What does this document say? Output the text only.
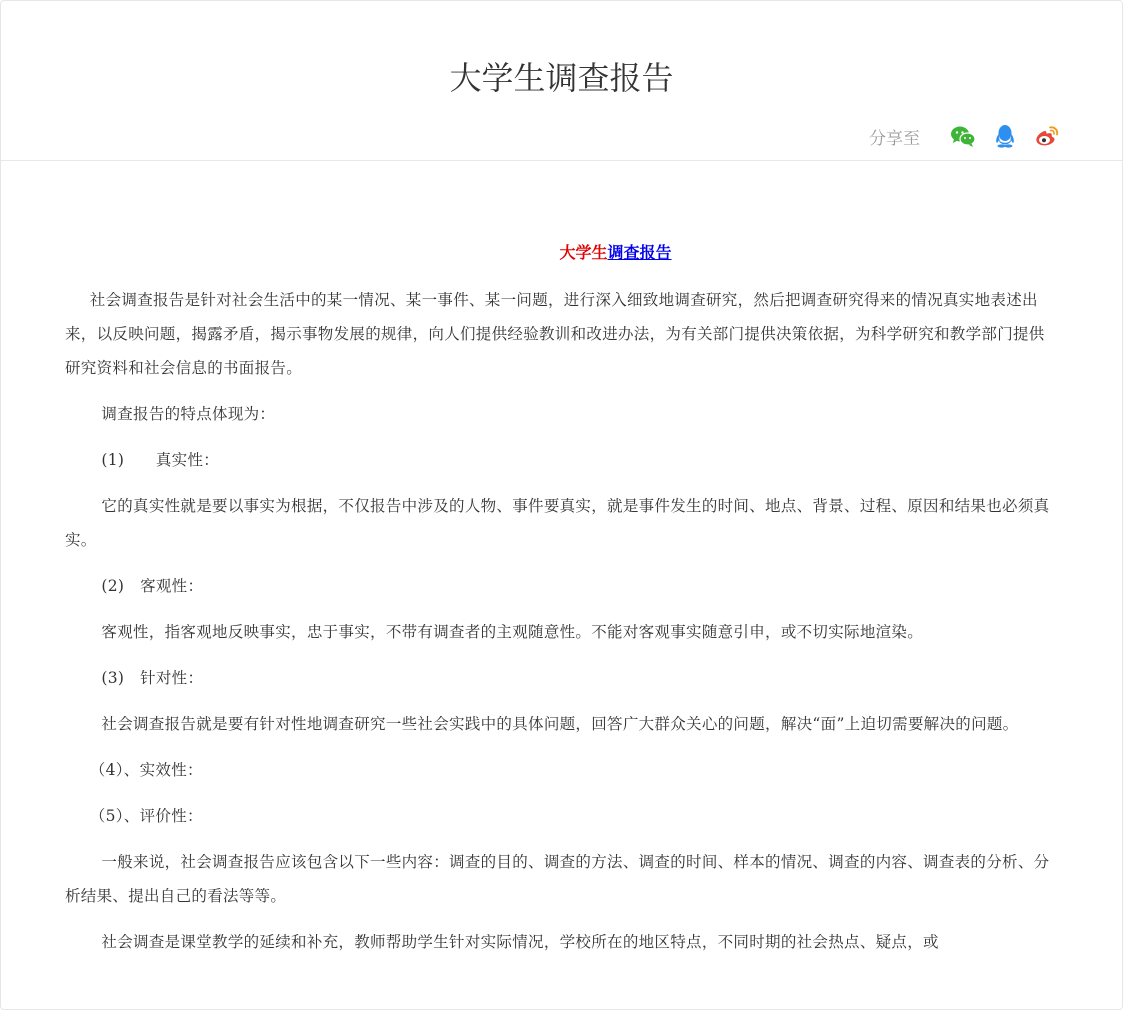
大学生调查报告
分享至
大学生调查报告

社会调查报告是针对社会生活中的某一情况、某一事件、某一问题，进行深入细致地调查研究，然后把调查研究得来的情况真实地表述出来，以反映问题，揭露矛盾，揭示事物发展的规律，向人们提供经验教训和改进办法，为有关部门提供决策依据，为科学研究和教学部门提供研究资料和社会信息的书面报告。

调查报告的特点体现为：

(1)　　真实性：

它的真实性就是要以事实为根据，不仅报告中涉及的人物、事件要真实，就是事件发生的时间、地点、背景、过程、原因和结果也必须真实。

(2)　客观性：

客观性，指客观地反映事实，忠于事实，不带有调查者的主观随意性。不能对客观事实随意引申，或不切实际地渲染。

(3)　针对性：

社会调查报告就是要有针对性地调查研究一些社会实践中的具体问题，回答广大群众关心的问题，解决“面”上迫切需要解决的问题。

（4）、实效性：

（5）、评价性：

一般来说，社会调查报告应该包含以下一些内容：调查的目的、调查的方法、调查的时间、样本的情况、调查的内容、调查表的分析、分析结果、提出自己的看法等等。

社会调查是课堂教学的延续和补充，教师帮助学生针对实际情况，学校所在的地区特点，不同时期的社会热点、疑点，或
